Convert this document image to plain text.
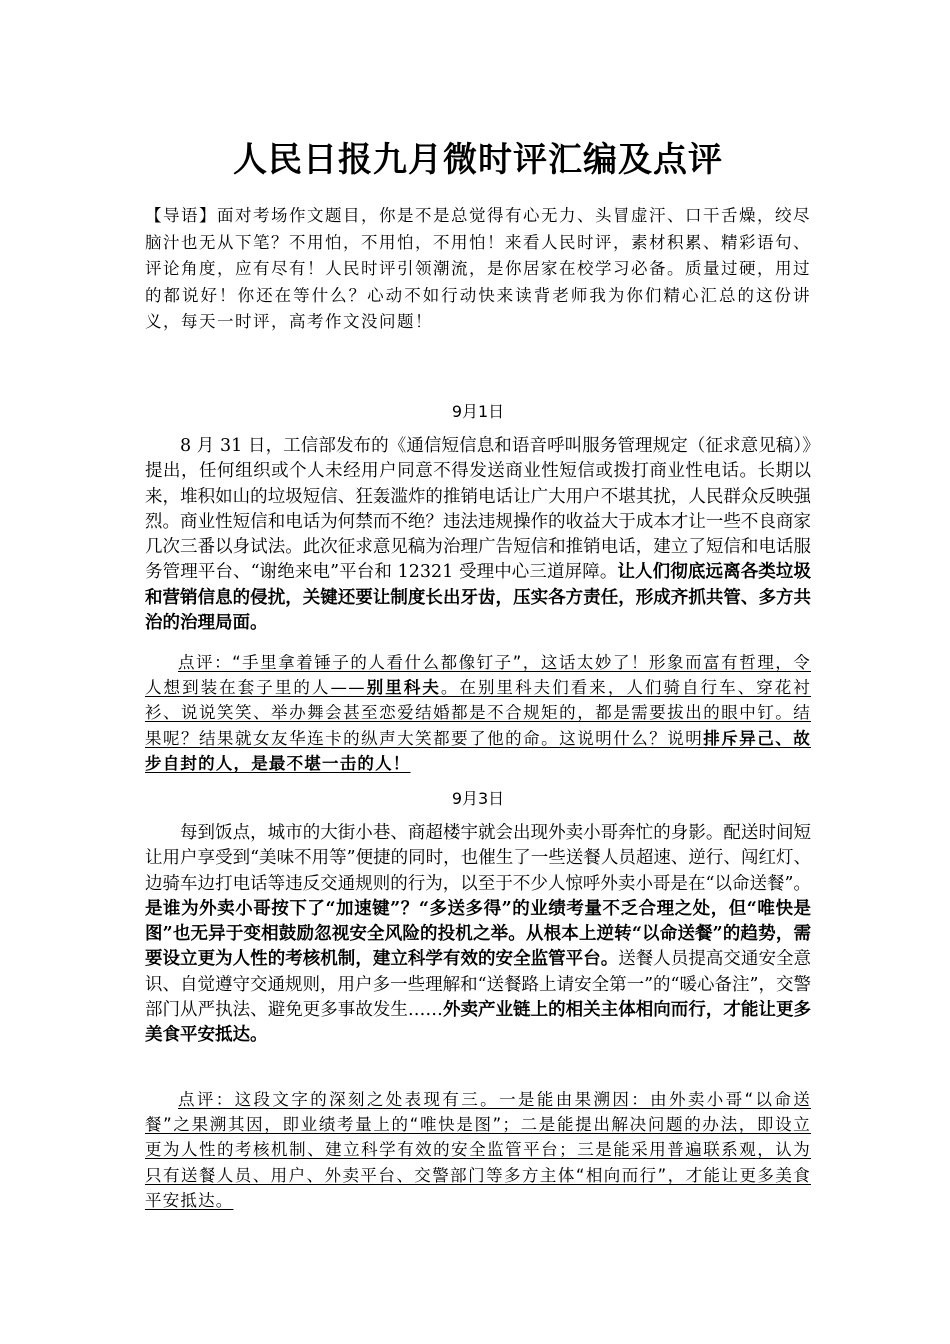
人民日报九月微时评汇编及点评
【导语】面对考场作文题目，你是不是总觉得有心无力、头冒虚汗、口干舌燥，绞尽脑汁也无从下笔？不用怕，不用怕，不用怕！来看人民时评，素材积累、精彩语句、评论角度，应有尽有！人民时评引领潮流，是你居家在校学习必备。质量过硬，用过的都说好！你还在等什么？心动不如行动快来读背老师我为你们精心汇总的这份讲义，每天一时评，高考作文没问题！
9月1日

8 月 31 日，工信部发布的《通信短信息和语音呼叫服务管理规定（征求意见稿）》提出，任何组织或个人未经用户同意不得发送商业性短信或拨打商业性电话。长期以来，堆积如山的垃圾短信、狂轰滥炸的推销电话让广大用户不堪其扰，人民群众反映强烈。商业性短信和电话为何禁而不绝？违法违规操作的收益大于成本才让一些不良商家几次三番以身试法。此次征求意见稿为治理广告短信和推销电话，建立了短信和电话服务管理平台、“谢绝来电”平台和 12321 受理中心三道屏障。让人们彻底远离各类垃圾和营销信息的侵扰，关键还要让制度长出牙齿，压实各方责任，形成齐抓共管、多方共治的治理局面。

点评：“手里拿着锤子的人看什么都像钉子”，这话太妙了！形象而富有哲理，令人想到装在套子里的人——别里科夫。在别里科夫们看来，人们骑自行车、穿花衬衫、说说笑笑、举办舞会甚至恋爱结婚都是不合规矩的，都是需要拔出的眼中钉。结果呢？结果就女友华连卡的纵声大笑都要了他的命。这说明什么？说明排斥异己、故步自封的人，是最不堪一击的人！

9月3日

每到饭点，城市的大街小巷、商超楼宇就会出现外卖小哥奔忙的身影。配送时间短让用户享受到“美味不用等”便捷的同时，也催生了一些送餐人员超速、逆行、闯红灯、边骑车边打电话等违反交通规则的行为，以至于不少人惊呼外卖小哥是在“以命送餐”。是谁为外卖小哥按下了“加速键”？“多送多得”的业绩考量不乏合理之处，但“唯快是图”也无异于变相鼓励忽视安全风险的投机之举。从根本上逆转“以命送餐”的趋势，需要设立更为人性的考核机制，建立科学有效的安全监管平台。送餐人员提高交通安全意识、自觉遵守交通规则，用户多一些理解和“送餐路上请安全第一”的“暖心备注”，交警部门从严执法、避免更多事故发生……外卖产业链上的相关主体相向而行，才能让更多美食平安抵达。

点评：这段文字的深刻之处表现有三。一是能由果溯因：由外卖小哥“以命送餐”之果溯其因，即业绩考量上的“唯快是图”；二是能提出解决问题的办法，即设立更为人性的考核机制、建立科学有效的安全监管平台；三是能采用普遍联系观，认为只有送餐人员、用户、外卖平台、交警部门等多方主体“相向而行”，才能让更多美食平安抵达。
